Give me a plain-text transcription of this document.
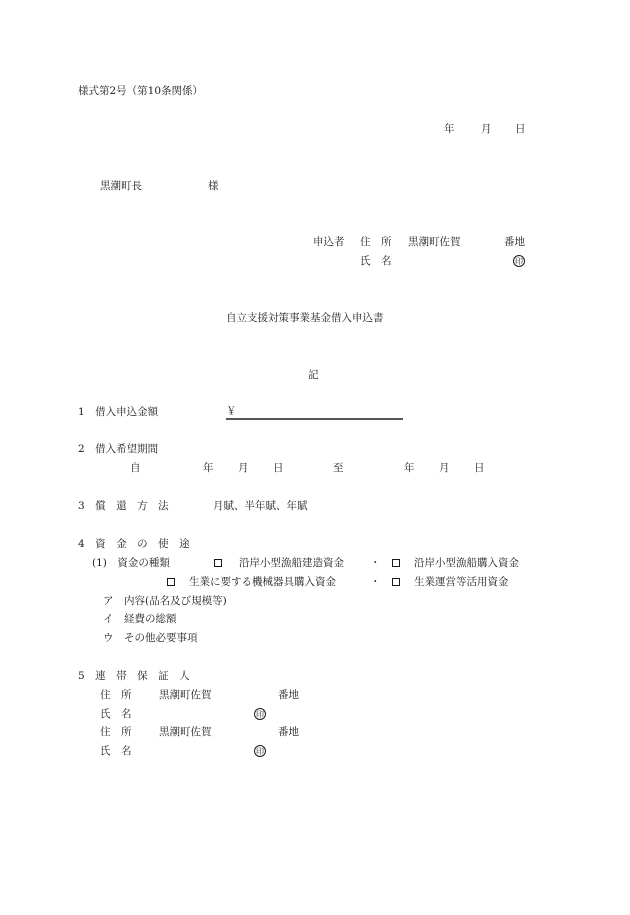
様式第2号（第10条関係）
年	月 日
黒潮町長	様
申込者 住　所 黒潮町佐賀	番地
氏　名	印
自立支援対策事業基金借入申込書
記
1　借入申込金額	￥
2　借入希望期間
自	年 月 日	至	年 月 日
3　償　還　方　法	月賦、半年賦、年賦
4　資　金　の　使　途
(1)　資金の種類	沿岸小型漁船建造資金 ・	沿岸小型漁船購入資金
生業に要する機械器具購入資金	・	生業運営等活用資金
ア　内容(品名及び規模等)
イ　経費の総額
ウ　その他必要事項
5　連　帯　保　証　人
住　所	黒潮町佐賀	番地
氏　名	印
住　所	黒潮町佐賀	番地
氏　名	印
